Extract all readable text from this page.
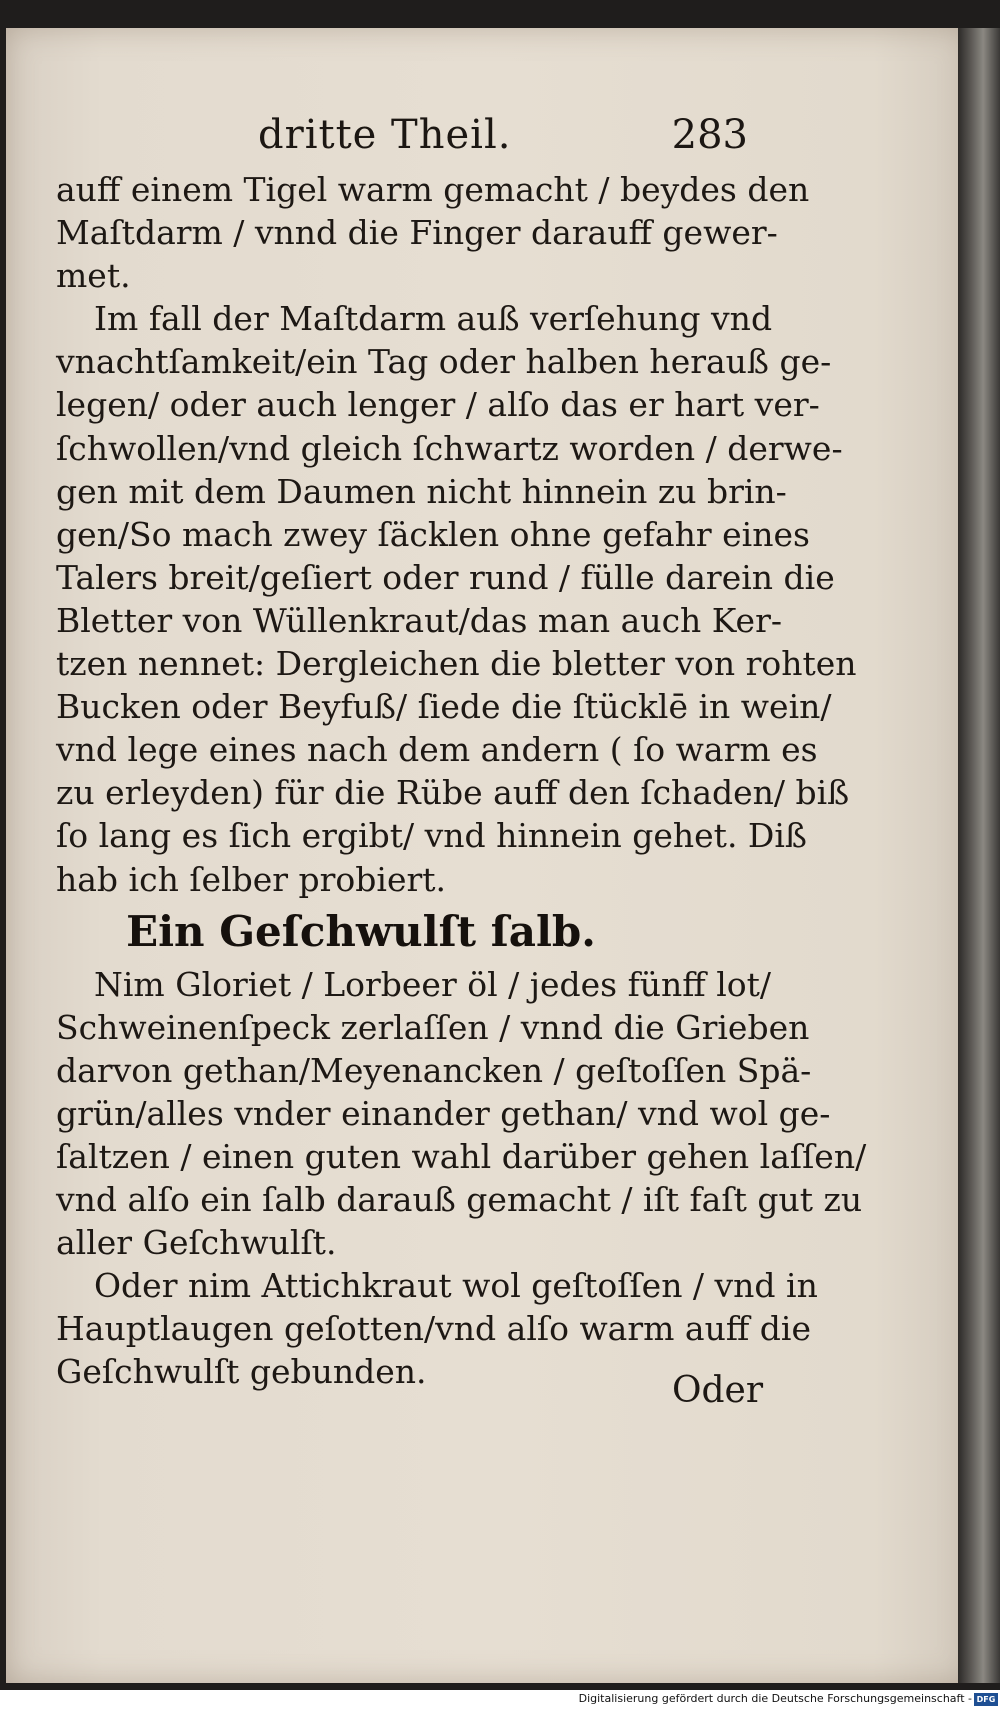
dritte Theil.	283
auff einem Tigel warm gemacht / beydes den
Maſtdarm / vnnd die Finger darauff gewer-
met.
Im fall der Maſtdarm auß verſehung vnd
vnachtſamkeit/ein Tag oder halben herauß ge-
legen/ oder auch lenger / alſo das er hart ver-
ſchwollen/vnd gleich ſchwartz worden / derwe-
gen mit dem Daumen nicht hinnein zu brin-
gen/So mach zwey ſäcklen ohne gefahr eines
Talers breit/geſiert oder rund / fülle darein die
Bletter von Wüllenkraut/das man auch Ker-
tzen nennet: Dergleichen die bletter von rohten
Bucken oder Beyfuß/ ſiede die ſtücklē in wein/
vnd lege eines nach dem andern ( ſo warm es
zu erleyden) für die Rübe auff den ſchaden/ biß
ſo lang es ſich ergibt/ vnd hinnein gehet. Diß
hab ich ſelber probiert.
Ein Geſchwulſt ſalb.
Nim Gloriet / Lorbeer öl / jedes fünff lot/
Schweinenſpeck zerlaſſen / vnnd die Grieben
darvon gethan/Meyenancken / geſtoſſen Spä-
grün/alles vnder einander gethan/ vnd wol ge-
ſaltzen / einen guten wahl darüber gehen laſſen/
vnd alſo ein ſalb darauß gemacht / iſt faſt gut zu
aller Geſchwulſt.
Oder nim Attichkraut wol geſtoſſen / vnd in
Hauptlaugen geſotten/vnd alſo warm auff die
Geſchwulſt gebunden.	Oder
Digitalisierung gefördert durch die Deutsche Forschungsgemeinschaft - DFG
